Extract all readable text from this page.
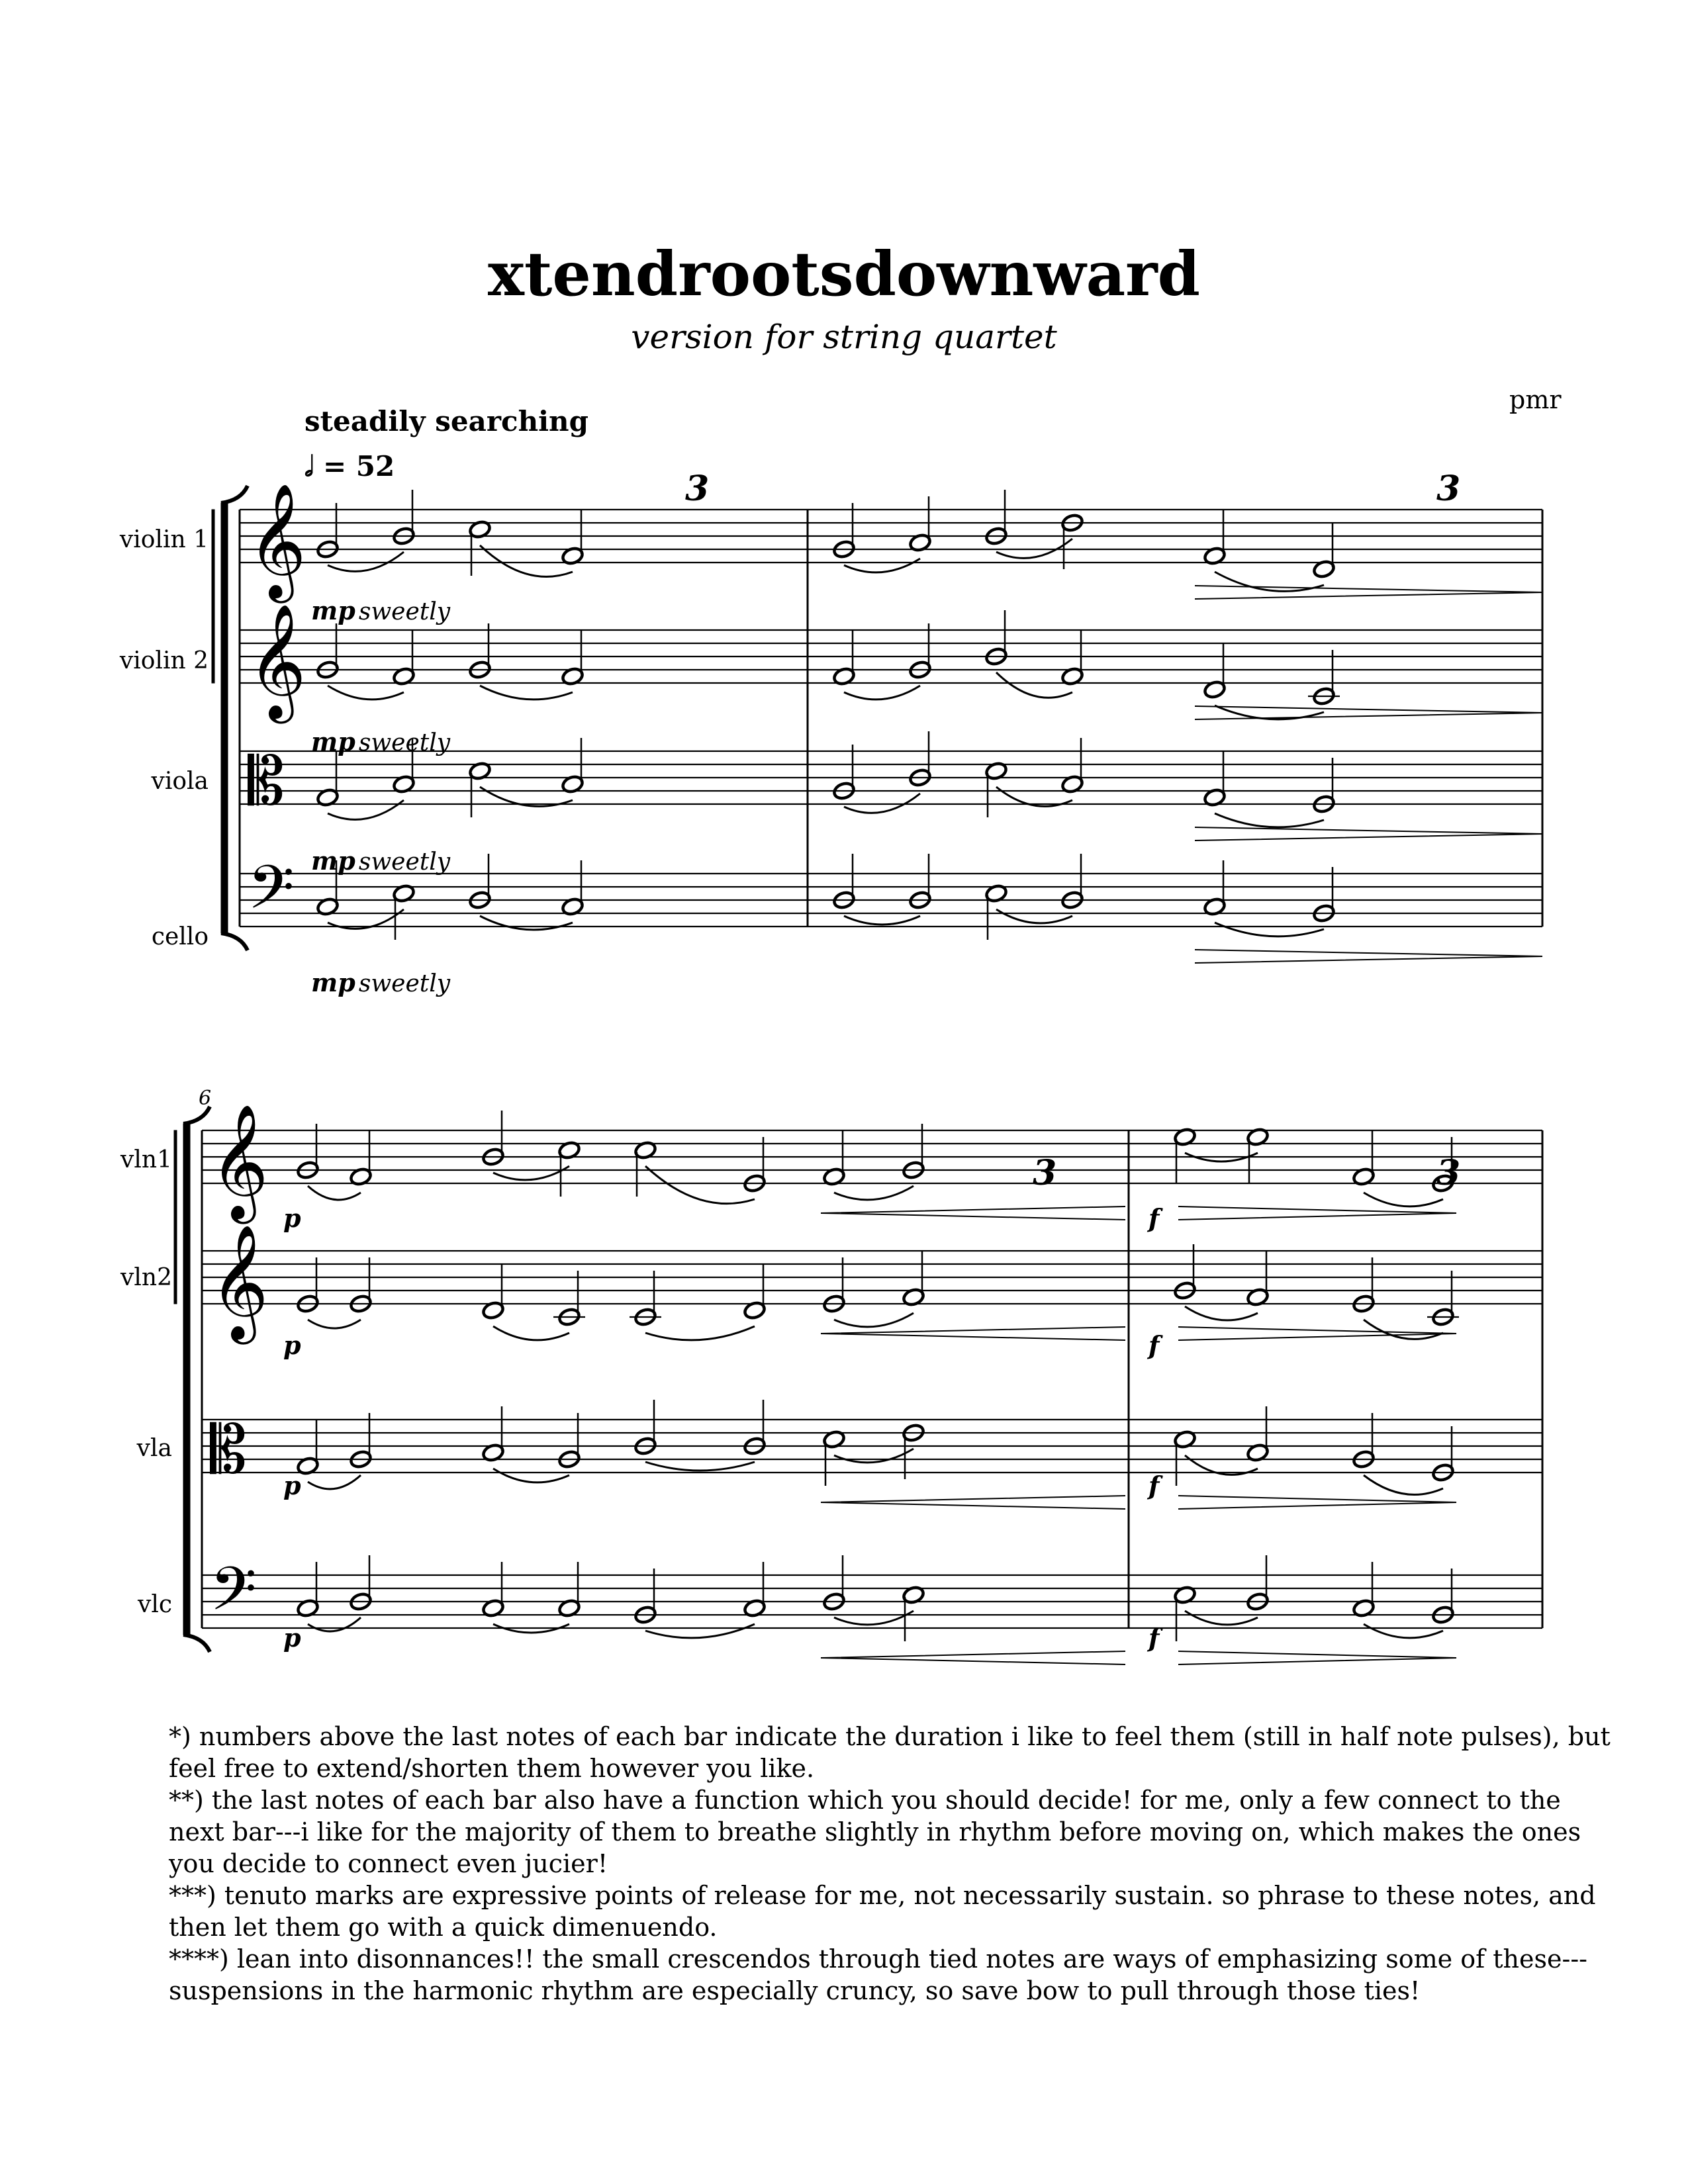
xtendrootsdownward
version for string quartet
pmr
steadily searching
𝅗𝅥 = 52
violin 1
violin 2
viola
cello
mp sweetly
mp sweetly
mp sweetly
mp sweetly
3	3
6
vln1
vln2
vla
vlc
p
p
p
p
f
f
f
f
3	3
𝄞
𝄞
𝄡
𝄢
𝄞
𝄞
𝄡
𝄢

*) numbers above the last notes of each bar indicate the duration i like to feel them (still in half note pulses), but feel free to extend/shorten them however you like.

**) the last notes of each bar also have a function which you should decide! for me, only a few connect to the next bar---i like for the majority of them to breathe slightly in rhythm before moving on, which makes the ones you decide to connect even jucier!

***) tenuto marks are expressive points of release for me, not necessarily sustain. so phrase to these notes, and then let them go with a quick dimenuendo.

****) lean into disonnances!! the small crescendos through tied notes are ways of emphasizing some of these---suspensions in the harmonic rhythm are especially cruncy, so save bow to pull through those ties!
